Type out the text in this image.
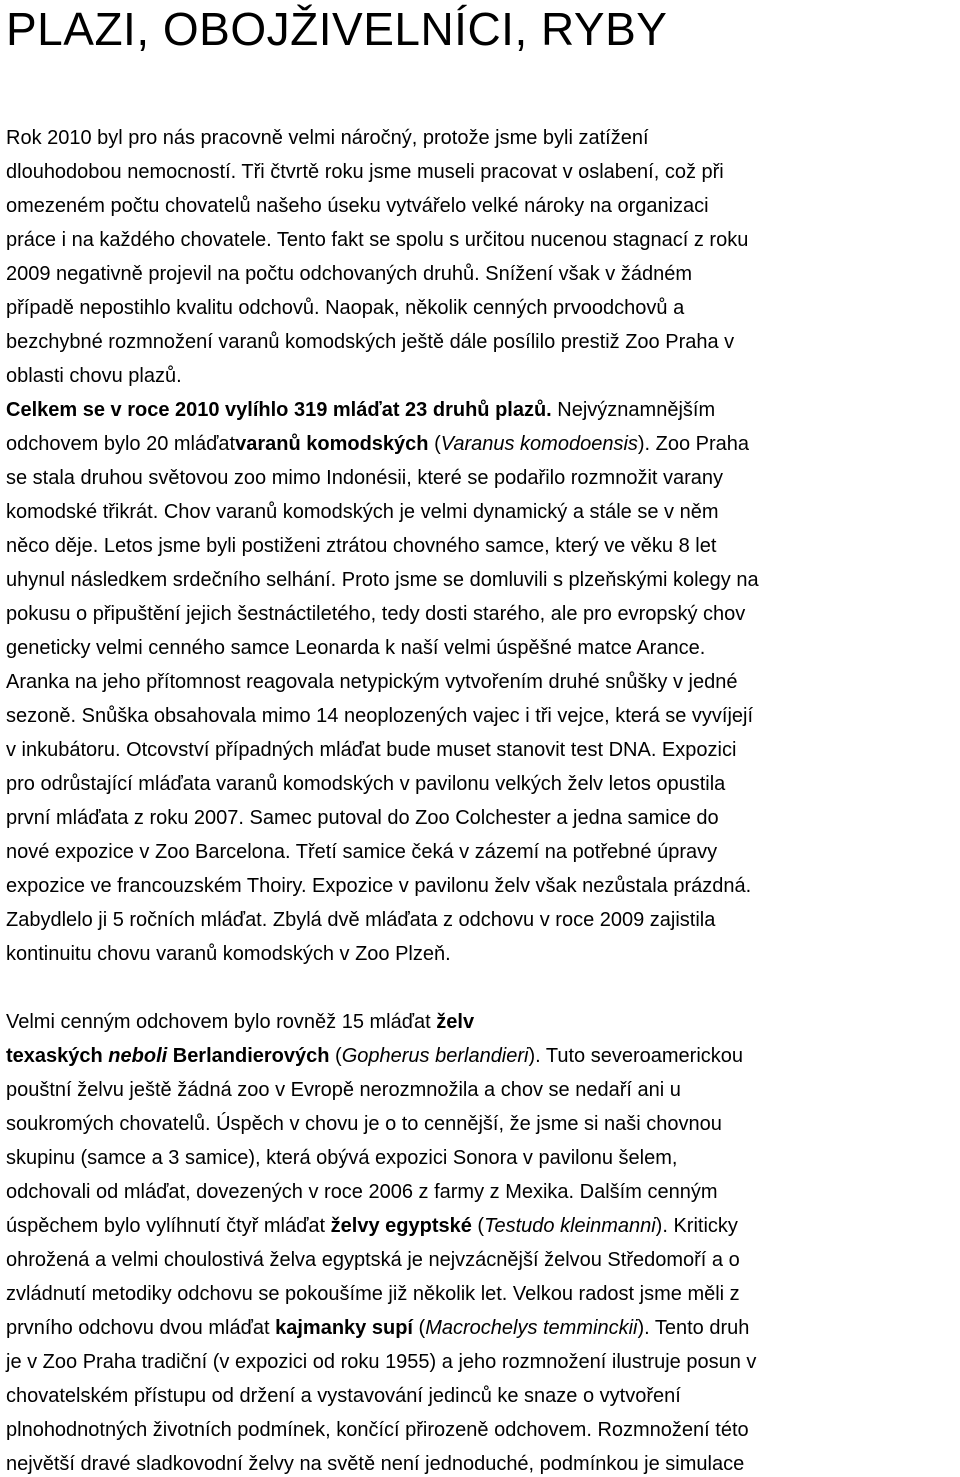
PLAZI, OBOJŽIVELNÍCI, RYBY
Rok 2010 byl pro nás pracovně velmi náročný, protože jsme byli zatížení
dlouhodobou nemocností. Tři čtvrtě roku jsme museli pracovat v oslabení, což při
omezeném počtu chovatelů našeho úseku vytvářelo velké nároky na organizaci
práce i na každého chovatele. Tento fakt se spolu s určitou nucenou stagnací z roku
2009 negativně projevil na počtu odchovaných druhů. Snížení však v žádném
případě nepostihlo kvalitu odchovů. Naopak, několik cenných prvoodchovů a
bezchybné rozmnožení varanů komodských ještě dále posílilo prestiž Zoo Praha v
oblasti chovu plazů.
Celkem se v roce 2010 vylíhlo 319 mláďat 23 druhů plazů. Nejvýznamnějším
odchovem bylo 20 mláďatvaranů komodských (Varanus komodoensis). Zoo Praha
se stala druhou světovou zoo mimo Indonésii, které se podařilo rozmnožit varany
komodské třikrát. Chov varanů komodských je velmi dynamický a stále se v něm
něco děje. Letos jsme byli postiženi ztrátou chovného samce, který ve věku 8 let
uhynul následkem srdečního selhání. Proto jsme se domluvili s plzeňskými kolegy na
pokusu o připuštění jejich šestnáctiletého, tedy dosti starého, ale pro evropský chov
geneticky velmi cenného samce Leonarda k naší velmi úspěšné matce Arance.
Aranka na jeho přítomnost reagovala netypickým vytvořením druhé snůšky v jedné
sezoně. Snůška obsahovala mimo 14 neoplozených vajec i tři vejce, která se vyvíjejí
v inkubátoru. Otcovství případných mláďat bude muset stanovit test DNA. Expozici
pro odrůstající mláďata varanů komodských v pavilonu velkých želv letos opustila
první mláďata z roku 2007. Samec putoval do Zoo Colchester a jedna samice do
nové expozice v Zoo Barcelona. Třetí samice čeká v zázemí na potřebné úpravy
expozice ve francouzském Thoiry. Expozice v pavilonu želv však nezůstala prázdná.
Zabydlelo ji 5 ročních mláďat. Zbylá dvě mláďata z odchovu v roce 2009 zajistila
kontinuitu chovu varanů komodských v Zoo Plzeň.
Velmi cenným odchovem bylo rovněž 15 mláďat želv
texaských neboli Berlandierových (Gopherus berlandieri). Tuto severoamerickou
pouštní želvu ještě žádná zoo v Evropě nerozmnožila a chov se nedaří ani u
soukromých chovatelů. Úspěch v chovu je o to cennější, že jsme si naši chovnou
skupinu (samce a 3 samice), která obývá expozici Sonora v pavilonu šelem,
odchovali od mláďat, dovezených v roce 2006 z farmy z Mexika. Dalším cenným
úspěchem bylo vylíhnutí čtyř mláďat želvy egyptské (Testudo kleinmanni). Kriticky
ohrožená a velmi choulostivá želva egyptská je nejvzácnější želvou Středomoří a o
zvládnutí metodiky odchovu se pokoušíme již několik let. Velkou radost jsme měli z
prvního odchovu dvou mláďat kajmanky supí (Macrochelys temminckii). Tento druh
je v Zoo Praha tradiční (v expozici od roku 1955) a jeho rozmnožení ilustruje posun v
chovatelském přístupu od držení a vystavování jedinců ke snaze o vytvoření
plnohodnotných životních podmínek, končící přirozeně odchovem. Rozmnožení této
největší dravé sladkovodní želvy na světě není jednoduché, podmínkou je simulace
